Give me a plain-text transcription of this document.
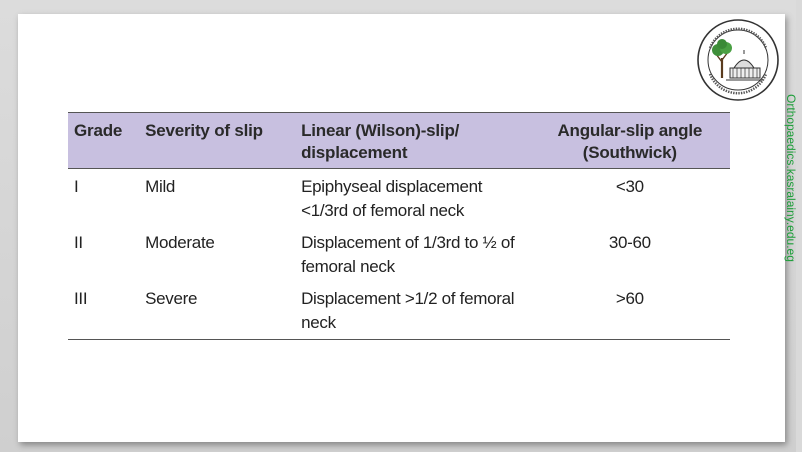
Orthopaedics.kasralainy.edu.eg
Grade	Severity of slip	Linear (Wilson)-slip/ displacement	Angular-slip angle (Southwick)
I	Mild	Epiphyseal displacement <1/3rd of femoral neck	<30
II	Moderate	Displacement of 1/3rd to ½ of femoral neck	30-60
III	Severe	Displacement >1/2 of femoral neck	>60
